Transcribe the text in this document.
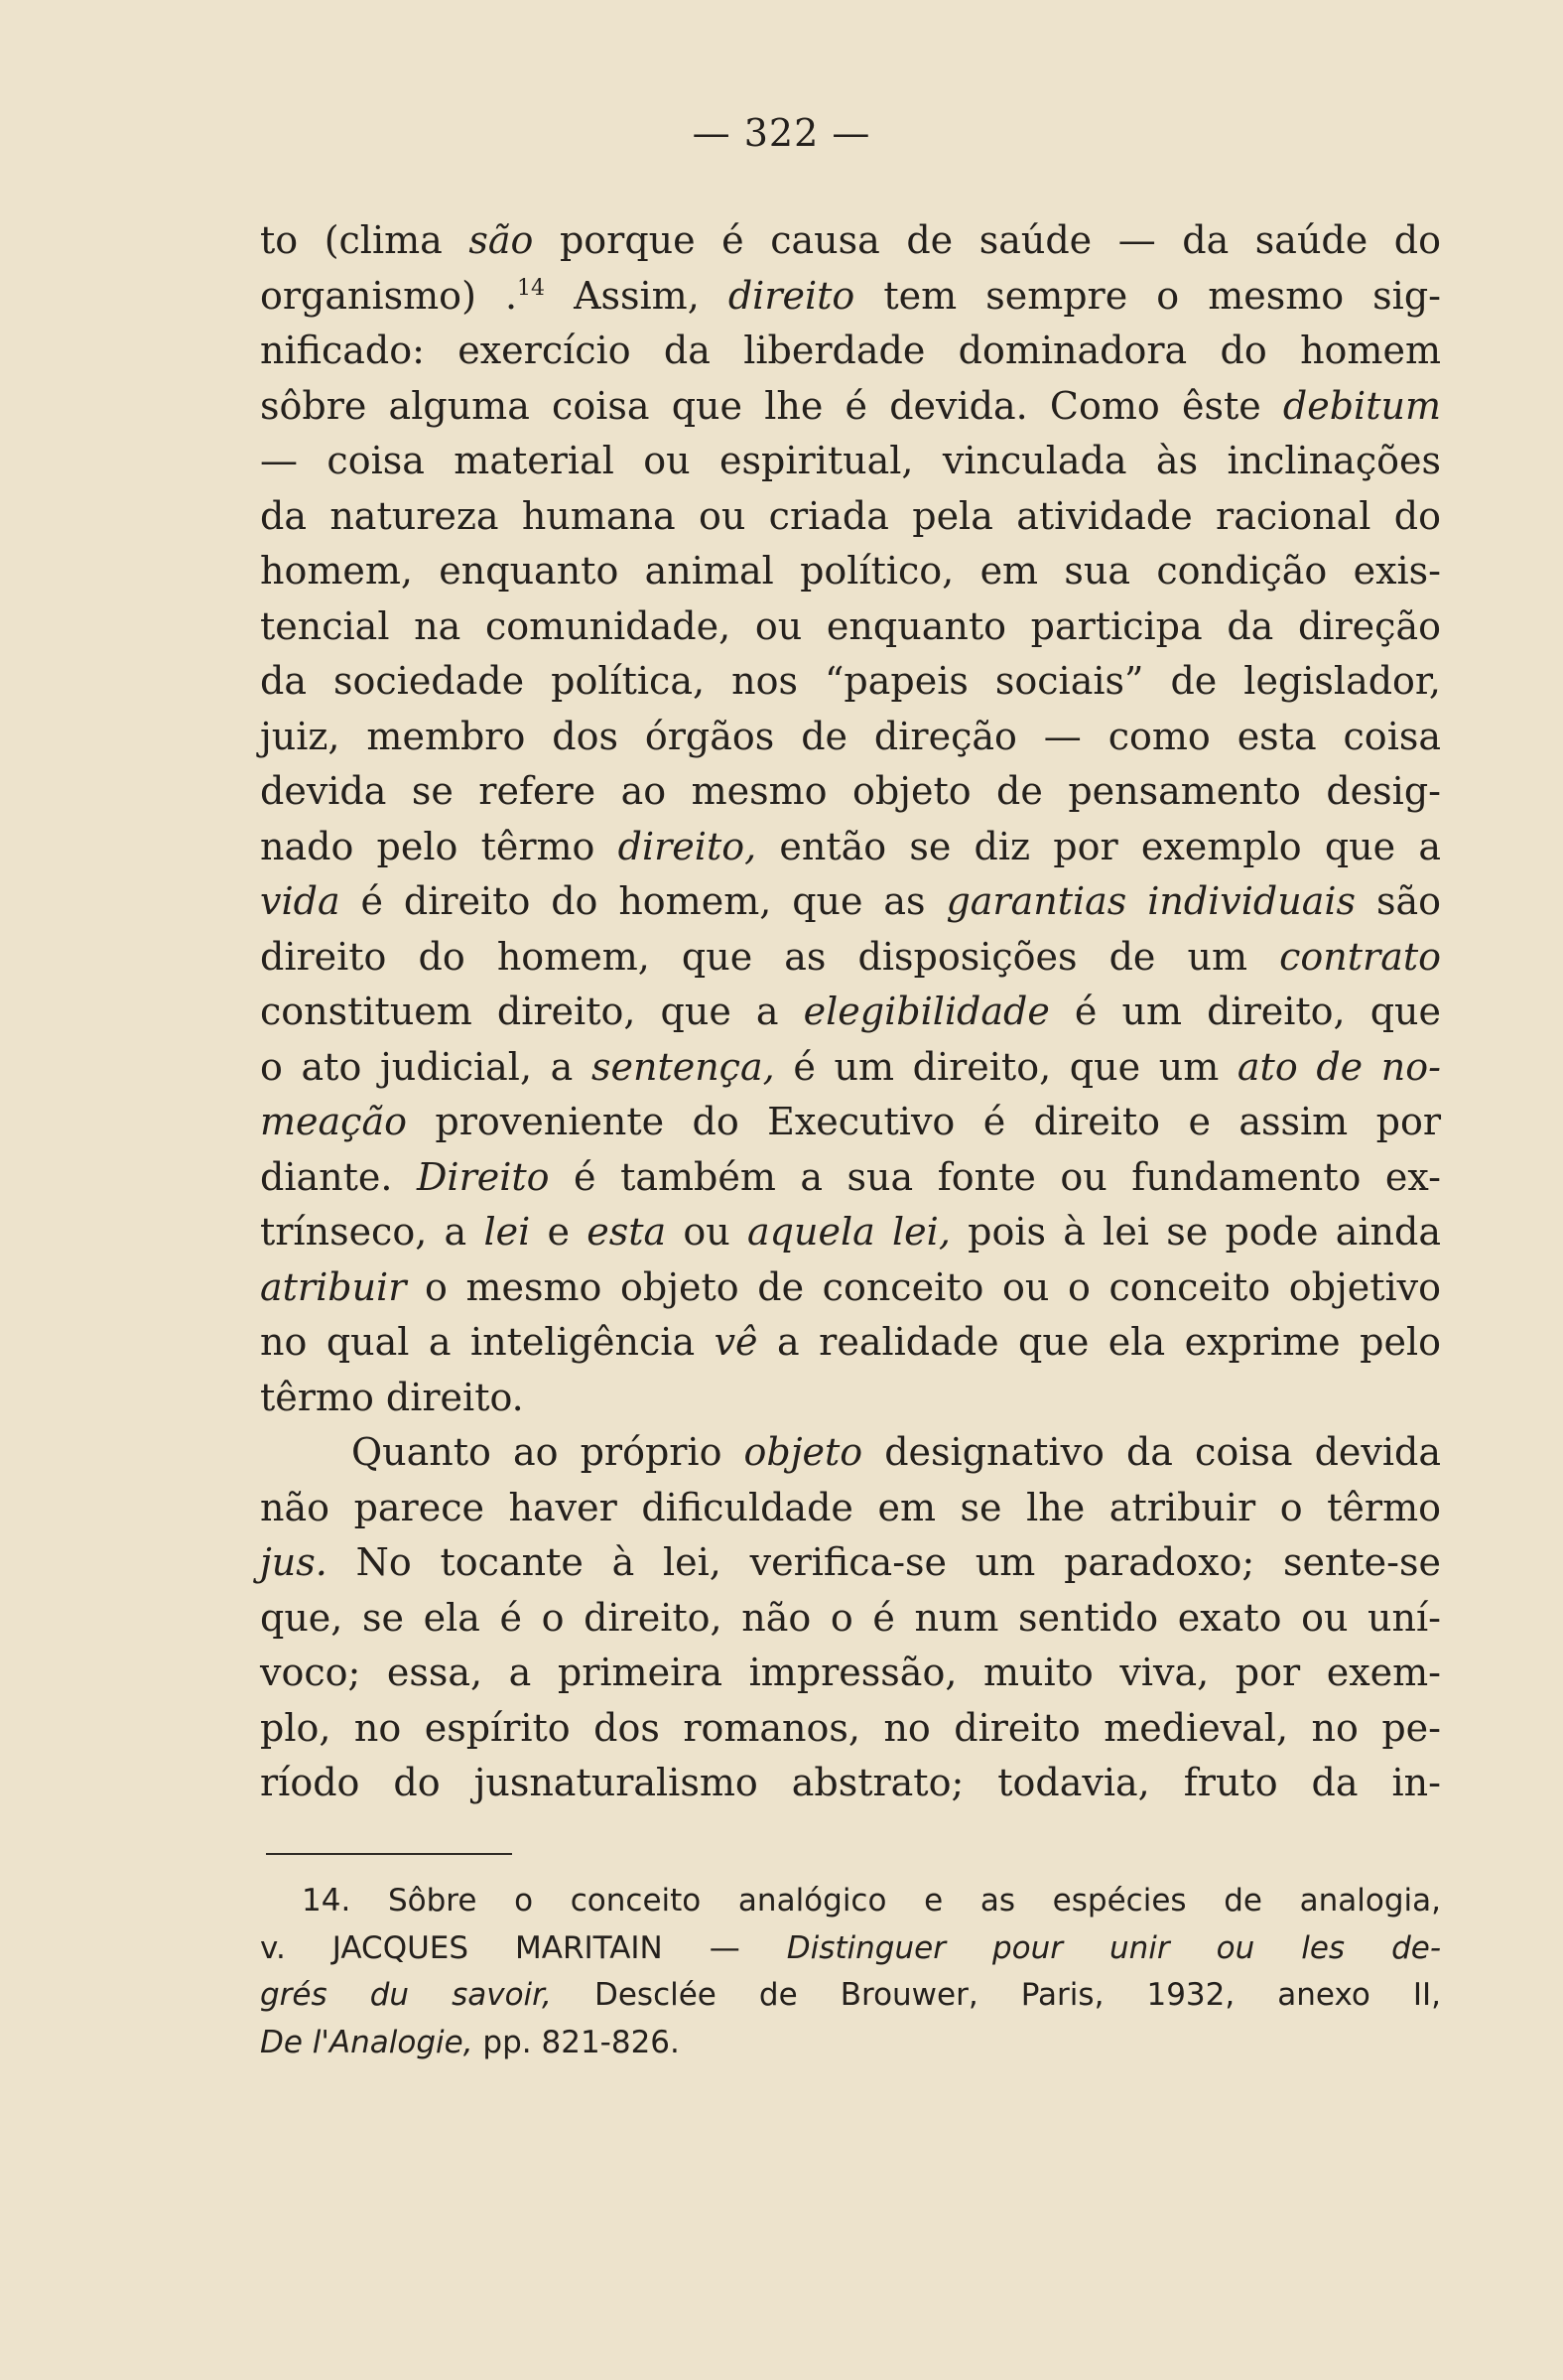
— 322 —
to (clima são porque é causa de saúde — da saúde do
organismo) .$^{14}$ Assim, direito tem sempre o mesmo sig-
nificado: exercício da liberdade dominadora do homem
sôbre alguma coisa que lhe é devida. Como êste debitum
— coisa material ou espiritual, vinculada às inclinações
da natureza humana ou criada pela atividade racional do
homem, enquanto animal político, em sua condição exis-
tencial na comunidade, ou enquanto participa da direção
da sociedade política, nos “papeis sociais” de legislador,
juiz, membro dos órgãos de direção — como esta coisa
devida se refere ao mesmo objeto de pensamento desig-
nado pelo têrmo direito, então se diz por exemplo que a
vida é direito do homem, que as garantias individuais são
direito do homem, que as disposições de um contrato
constituem direito, que a elegibilidade é um direito, que
o ato judicial, a sentença, é um direito, que um ato de no-
meação proveniente do Executivo é direito e assim por
diante. Direito é também a sua fonte ou fundamento ex-
trínseco, a lei e esta ou aquela lei, pois à lei se pode ainda
atribuir o mesmo objeto de conceito ou o conceito objetivo
no qual a inteligência vê a realidade que ela exprime pelo
têrmo direito.
Quanto ao próprio objeto designativo da coisa devida
não parece haver dificuldade em se lhe atribuir o têrmo
jus. No tocante à lei, verifica-se um paradoxo; sente-se
que, se ela é o direito, não o é num sentido exato ou uní-
voco; essa, a primeira impressão, muito viva, por exem-
plo, no espírito dos romanos, no direito medieval, no pe-
ríodo do jusnaturalismo abstrato; todavia, fruto da in-
14. Sôbre o conceito analógico e as espécies de analogia,
v. JACQUES MARITAIN — Distinguer pour unir ou les de-
grés du savoir, Desclée de Brouwer, Paris, 1932, anexo II,
De l'Analogie, pp. 821-826.
